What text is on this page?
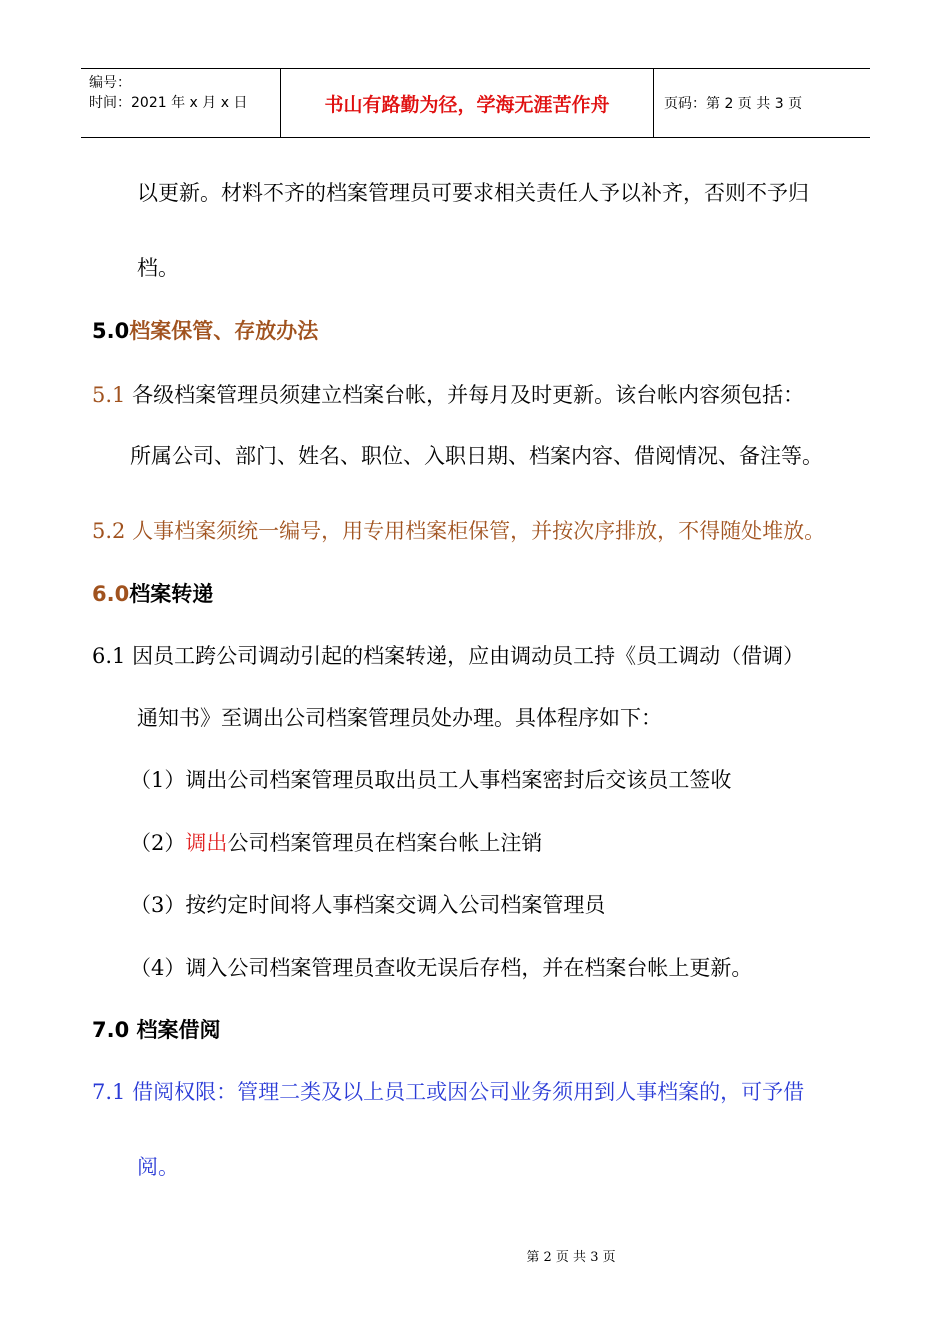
编号：
时间：2021 年 x 月 x 日	书山有路勤为径，学海无涯苦作舟	页码：第 2 页 共 3 页
以更新。材料不齐的档案管理员可要求相关责任人予以补齐，否则不予归
档。
5.0档案保管、存放办法
5.1 各级档案管理员须建立档案台帐，并每月及时更新。该台帐内容须包括：
所属公司、部门、姓名、职位、入职日期、档案内容、借阅情况、备注等。
5.2 人事档案须统一编号，用专用档案柜保管，并按次序排放，不得随处堆放。
6.0档案转递
6.1 因员工跨公司调动引起的档案转递，应由调动员工持《员工调动（借调）
通知书》至调出公司档案管理员处办理。具体程序如下：
（1）调出公司档案管理员取出员工人事档案密封后交该员工签收
（2）调出公司档案管理员在档案台帐上注销
（3）按约定时间将人事档案交调入公司档案管理员
（4）调入公司档案管理员查收无误后存档，并在档案台帐上更新。
7.0 档案借阅
7.1 借阅权限：管理二类及以上员工或因公司业务须用到人事档案的，可予借
阅。
第 2 页 共 3 页
